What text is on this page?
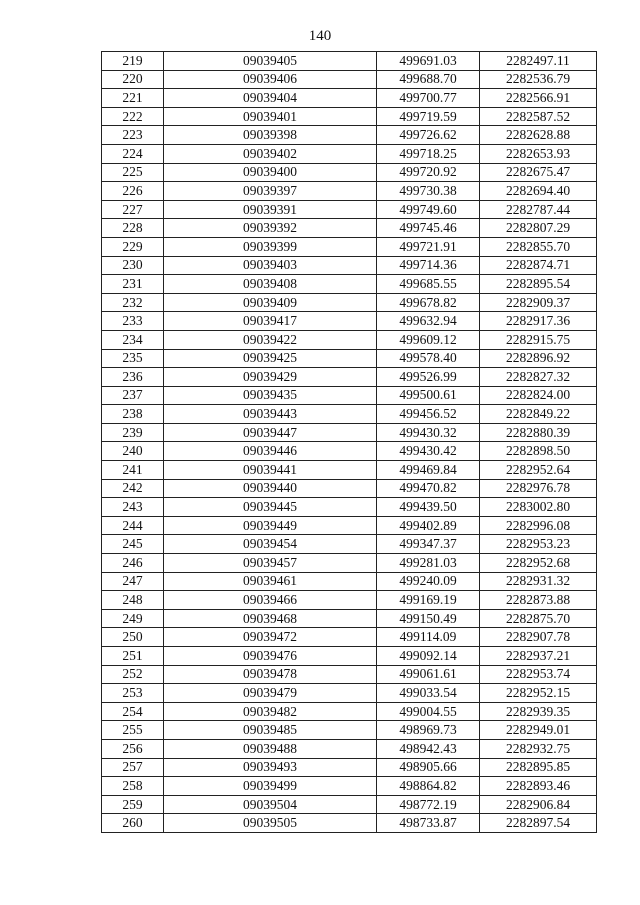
140
219	09039405	499691.03	2282497.11
220	09039406	499688.70	2282536.79
221	09039404	499700.77	2282566.91
222	09039401	499719.59	2282587.52
223	09039398	499726.62	2282628.88
224	09039402	499718.25	2282653.93
225	09039400	499720.92	2282675.47
226	09039397	499730.38	2282694.40
227	09039391	499749.60	2282787.44
228	09039392	499745.46	2282807.29
229	09039399	499721.91	2282855.70
230	09039403	499714.36	2282874.71
231	09039408	499685.55	2282895.54
232	09039409	499678.82	2282909.37
233	09039417	499632.94	2282917.36
234	09039422	499609.12	2282915.75
235	09039425	499578.40	2282896.92
236	09039429	499526.99	2282827.32
237	09039435	499500.61	2282824.00
238	09039443	499456.52	2282849.22
239	09039447	499430.32	2282880.39
240	09039446	499430.42	2282898.50
241	09039441	499469.84	2282952.64
242	09039440	499470.82	2282976.78
243	09039445	499439.50	2283002.80
244	09039449	499402.89	2282996.08
245	09039454	499347.37	2282953.23
246	09039457	499281.03	2282952.68
247	09039461	499240.09	2282931.32
248	09039466	499169.19	2282873.88
249	09039468	499150.49	2282875.70
250	09039472	499114.09	2282907.78
251	09039476	499092.14	2282937.21
252	09039478	499061.61	2282953.74
253	09039479	499033.54	2282952.15
254	09039482	499004.55	2282939.35
255	09039485	498969.73	2282949.01
256	09039488	498942.43	2282932.75
257	09039493	498905.66	2282895.85
258	09039499	498864.82	2282893.46
259	09039504	498772.19	2282906.84
260	09039505	498733.87	2282897.54
